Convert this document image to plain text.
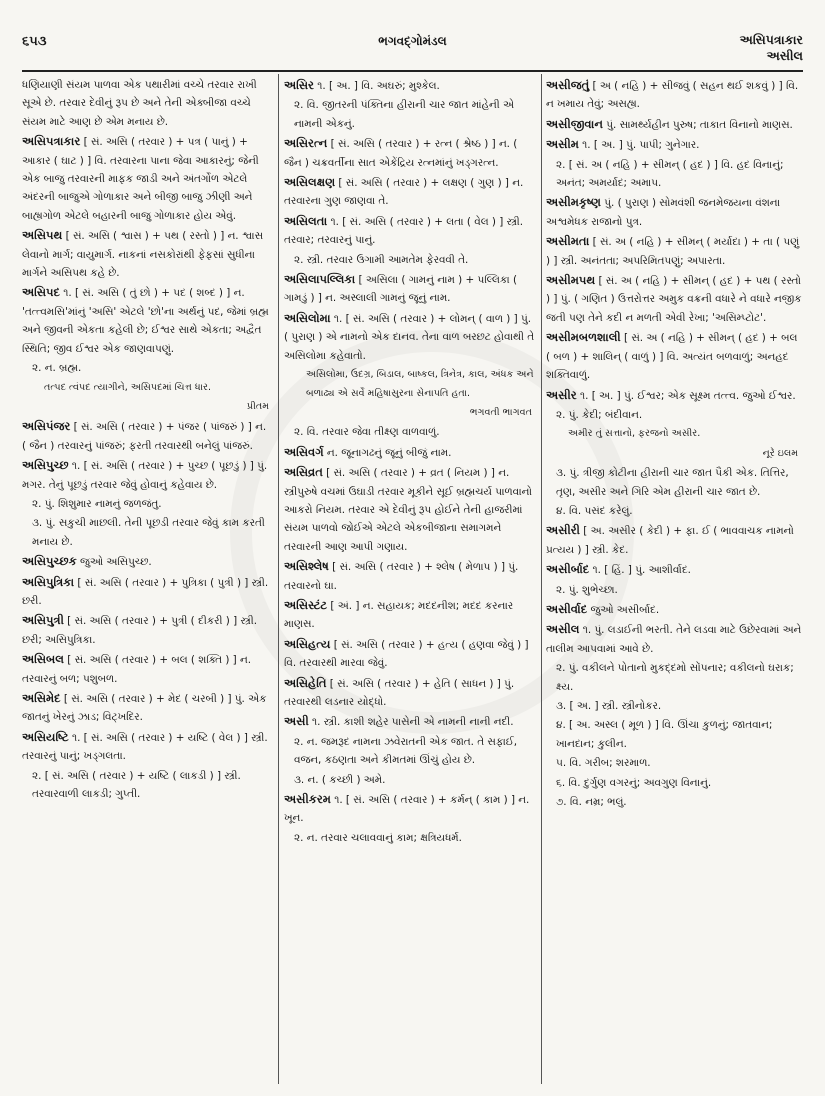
૬૫૩	ભગવદ્ગોમંડલ	અસિપત્રાકાર
અસીલ
ધણિયાણી સંયમ પાળવા એક પથારીમાં વચ્ચે તરવાર રાખી સૂએ છે. તરવાર દેવીનું રૂપ છે અને તેની એક્બીજા વચ્ચે સંયમ માટે આણ છે એમ મનાય છે.
અસિપત્રાકાર [ સં. અસિ ( તરવાર ) + પત્ર ( પાનું ) + આકાર ( ઘાટ ) ] વિ. તરવારના પાના જેવા આકારનું; જેની એક બાજુ તરવારની માફક જાડી અને અંતર્ગોળ એટલે અંદરની બાજુએ ગોળાકાર અને બીજી બાજુ ઝીણી અને બાહ્યગોળ એટલે બહારની બાજુ ગોળાકાર હોય એવું.
અસિપથ [ સં. અસિ ( શ્વાસ ) + પથ ( રસ્તો ) ] ન. શ્વાસ લેવાનો માર્ગ; વાયુમાર્ગ. નાકનાં નસકોરાંથી ફેફસાં સુધીના માર્ગને અસિપથ કહે છે.
અસિપદ ૧. [ સં. અસિ ( તું છો ) + પદ ( શબ્દ ) ] ન. 'તત્ત્વમસિ'માંનું 'અસિ' એટલે 'છો'ના અર્થનું પદ, જેમાં બ્રહ્મ અને જીવની એકતા કહેલી છે; ઈશ્વર સાથે એકતા; અદ્વૈત સ્થિતિ; જીવ ઈશ્વર એક જાણવાપણું.
૨. ન. બ્રહ્મ.
તત્પદ ત્વંપદ ત્યાગીને, અસિપદમાં ચિત્ત ધાર.
પ્રીતમ
અસિપંજર [ સં. અસિ ( તરવાર ) + પંજર ( પાંજરું ) ] ન. ( જૈન ) તરવારનું પાંજરું; ફરતી તરવારથી બનેલું પાંજરું.
અસિપુચ્છ ૧. [ સં. અસિ ( તરવાર ) + પુચ્છ ( પૂછડું ) ] પું. મગર. તેનું પૂછડું તરવાર જેવું હોવાનું કહેવાય છે.
૨. પું. શિશુમાર નામનું જળજંતુ.
૩. પું. સકુચી માછલી. તેની પૂછડી તરવાર જેવું કામ કરતી મનાય છે.
અસિપુચ્છક જુઓ અસિપુચ્છ.
અસિપુત્રિકા [ સં. અસિ ( તરવાર ) + પુત્રિકા ( પુત્રી ) ] સ્ત્રી. છરી.
અસિપુત્રી [ સં. અસિ ( તરવાર ) + પુત્રી ( દીકરી ) ] સ્ત્રી. છરી; અસિપુત્રિકા.
અસિબલ [ સં. અસિ ( તરવાર ) + બલ ( શક્તિ ) ] ન. તરવારનું બળ; પશુબળ.
અસિમેદ [ સં. અસિ ( તરવાર ) + મેદ ( ચરબી ) ] પું. એક જાતનું ખેરનું ઝાડ; વિટ્ખદિર.
અસિયષ્ટિ ૧. [ સં. અસિ ( તરવાર ) + યષ્ટિ ( વેલ ) ] સ્ત્રી. તરવારનું પાનું; ખડ્ગલતા.
૨. [ સં. અસિ ( તરવાર ) + યષ્ટિ ( લાકડી ) ] સ્ત્રી. તરવારવાળી લાકડી; ગુપ્તી.
અસિર ૧. [ અ. ] વિ. અઘરું; મુશ્કેલ.
૨. વિ. જીતરની પંક્તિના હીરાની ચાર જાત માંહેની એ નામની એકનું.
અસિરત્ન [ સં. અસિ ( તરવાર ) + રત્ન ( શ્રેષ્ઠ ) ] ન. ( જૈન ) ચક્રવર્તીના સાત એકેંદ્રિય રત્નમાંનું ખડ્ગરત્ન.
અસિલક્ષણ [ સં. અસિ ( તરવાર ) + લક્ષણ ( ગુણ ) ] ન. તરવારના ગુણ જાણવા તે.
અસિલતા ૧. [ સં. અસિ ( તરવાર ) + લતા ( વેલ ) ] સ્ત્રી. તરવાર; તરવારનું પાનું.
૨. સ્ત્રી. તરવાર ઉગામી આમતેમ ફેરવવી તે.
અસિલાપલ્લિકા [ અસિલા ( ગામનું નામ ) + પલ્લિકા ( ગામડું ) ] ન. અસ્લાલી ગામનું જૂનું નામ.
અસિલોમા ૧. [ સં. અસિ ( તરવાર ) + લોમન્ ( વાળ ) ] પું. ( પુરાણ ) એ નામનો એક દાનવ. તેના વાળ બરછટ હોવાથી તે અસિલોમા કહેવાતો.
અસિલોમા, ઉદગ્ર, બિડાલ, બાષ્કલ, ત્રિનેત્ર, કાલ, અંધક અને બળાઢ્ય એ સર્વે મહિષાસુરના સેનાપતિ હતા.
ભગવતી ભાગવત
૨. વિ. તરવાર જેવા તીક્ષ્ણ વાળવાળું.
અસિવર્ગ ન. જૂનાગઢનું જૂનું બીજું નામ.
અસિવ્રત [ સં. અસિ ( તરવાર ) + વ્રત ( નિયમ ) ] ન. સ્ત્રીપુરુષે વચમાં ઉઘાડી તરવાર મૂકીને સૂઈ બ્રહ્મચર્ય પાળવાનો આકરો નિયમ. તરવાર એ દેવીનું રૂપ હોઈને તેની હાજરીમાં સંયમ પાળવો જોઈએ એટલે એકબીજાના સમાગમને તરવારની આણ આપી ગણાય.
અસિશ્લેષ [ સં. અસિ ( તરવાર ) + શ્લેષ ( મેળાપ ) ] પું. તરવારનો ઘા.
અસિસ્ટંટ [ અં. ] ન. સહાયક; મદદનીશ; મદદ કરનાર માણસ.
અસિહત્ય [ સં. અસિ ( તરવાર ) + હત્ય ( હણવા જેવું ) ] વિ. તરવારથી મારવા જેવું.
અસિહેતિ [ સં. અસિ ( તરવાર ) + હેતિ ( સાધન ) ] પું. તરવારથી લડનાર યોદ્ધો.
અસી ૧. સ્ત્રી. કાશી શહેર પાસેની એ નામની નાની નદી.
૨. ન. જમરૂદ નામના ઝવેરાતની એક જાત. તે સફાઈ, વજન, કઠણતા અને કીમતમાં ઊંચું હોય છે.
૩. ન. ( કચ્છી ) અમે.
અસીકરમ ૧. [ સં. અસિ ( તરવાર ) + કર્મન્ ( કામ ) ] ન. ખૂન.
૨. ન. તરવાર ચલાવવાનું કામ; ક્ષત્રિયધર્મ.
અસીજતું [ અ ( નહિ ) + સીજવું ( સહન થઈ શકવું ) ] વિ. ન ખમાય તેવું; અસહ્ય.
અસીજીવાન પું. સામર્થ્યહીન પુરુષ; તાકાત વિનાનો માણસ.
અસીમ ૧. [ અ. ] પું. પાપી; ગુનેગાર.
૨. [ સં. અ ( નહિ ) + સીમન્ ( હદ ) ] વિ. હદ વિનાનું; અનંત; અમર્યાદ; અમાપ.
અસીમકૃષ્ણ પું. ( પુરાણ ) સોમવંશી જનમેજયના વંશના અશ્વમેધક રાજાનો પુત્ર.
અસીમતા [ સં. અ ( નહિ ) + સીમન્ ( મર્યાદા ) + તા ( પણું ) ] સ્ત્રી. અનંતતા; અપરિમિતપણું; અપારતા.
અસીમપથ [ સં. અ ( નહિ ) + સીમન્ ( હદ ) + પથ ( રસ્તો ) ] પું. ( ગણિત ) ઉત્તરોત્તર અમુક વક્રની વધારે ને વધારે નજીક જતી પણ તેને કદી ન મળતી એવી રેખા; 'અસિમ્પ્ટોટ'.
અસીમબળશાલી [ સં. અ ( નહિ ) + સીમન્ ( હદ ) + બલ ( બળ ) + શાલિન્ ( વાળું ) ] વિ. અત્યંત બળવાળું; અનહદ શક્તિવાળું.
અસીર ૧. [ અ. ] પું. ઈશ્વર; એક સૂક્ષ્મ તત્ત્વ. જુઓ ઈશ્વર.
૨. પું. કેદી; બંદીવાન.
અમીર તું સત્તાનો, ફરજનો અસીર.
નૂરે ઇલમ
૩. પું. ત્રીજી કોટીના હીરાની ચાર જાત પૈકી એક. તિત્તિર, તૃણ, અસીર અને ગિરિ એમ હીરાની ચાર જાત છે.
૪. વિ. પસંદ કરેલું.
અસીરી [ અ. અસીર ( કેદી ) + ફા. ઈ ( ભાવવાચક નામનો પ્રત્યય ) ] સ્ત્રી. કેદ.
અસીર્બાદ ૧. [ હિં. ] પું. આશીર્વાદ.
૨. પું. શુભેચ્છા.
અસીર્વાદ જુઓ અસીર્બાદ.
અસીલ ૧. પું. લડાઈની ભરતી. તેને લડવા માટે ઉછેરવામાં અને તાલીમ આપવામાં આવે છે.
૨. પું. વકીલને પોતાનો મુકદ્દમો સોંપનાર; વકીલનો ઘરાક; ક્ષ્ય.
૩. [ અ. ] સ્ત્રી. સ્ત્રીનોકર.
૪. [ અ. અસ્લ ( મૂળ ) ] વિ. ઊંચા કુળનું; જાતવાન; ખાનદાન; કુલીન.
૫. વિ. ગરીબ; શરમાળ.
૬. વિ. દુર્ગુણ વગરનું; અવગુણ વિનાનું.
૭. વિ. નમ્ર; ભલું.
